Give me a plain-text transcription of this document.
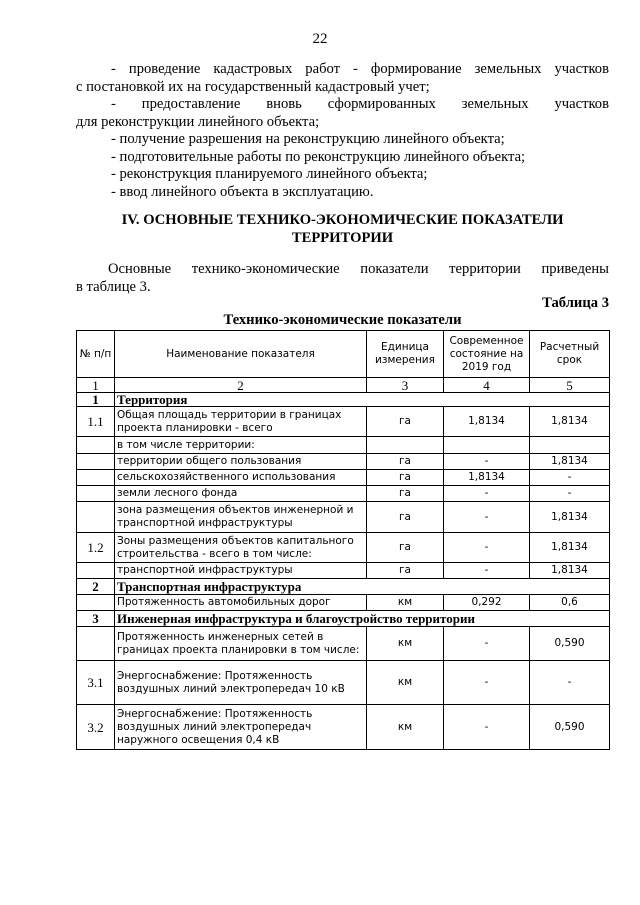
22
- проведение кадастровых работ - формирование земельных участков
с постановкой их на государственный кадастровый учет;
- предоставление вновь сформированных земельных участков
для реконструкции линейного объекта;
- получение разрешения на реконструкцию линейного объекта;
- подготовительные работы по реконструкцию линейного объекта;
- реконструкция планируемого линейного объекта;
- ввод линейного объекта в эксплуатацию.
IV. ОСНОВНЫЕ ТЕХНИКО-ЭКОНОМИЧЕСКИЕ ПОКАЗАТЕЛИ
ТЕРРИТОРИИ
Основные технико-экономические показатели территории приведены
в таблице 3.
Таблица 3
Технико-экономические показатели
№ п/п	Наименование показателя	Единица измерения	Современное состояние на 2019 год	Расчетный срок
1	2	3	4	5
1	Территория			
1.1	Общая площадь территории в границах проекта планировки - всего	га	1,8134	1,8134
	в том числе территории:			
	территории общего пользования	га	-	1,8134
	сельскохозяйственного использования	га	1,8134	-
	земли лесного фонда	га	-	-
	зона размещения объектов инженерной и транспортной инфраструктуры	га	-	1,8134
1.2	Зоны размещения объектов капитального строительства - всего в том числе:	га	-	1,8134
	транспортной инфраструктуры	га	-	1,8134
2	Транспортная инфраструктура			
	Протяженность автомобильных дорог	км	0,292	0,6
3	Инженерная инфраструктура и благоустройство территории			
	Протяженность инженерных сетей в границах проекта планировки в том числе:	км	-	0,590
3.1	Энергоснабжение: Протяженность воздушных линий электропередач 10 кВ	км	-	-
3.2	Энергоснабжение: Протяженность воздушных линий электропередач наружного освещения 0,4 кВ	км	-	0,590
